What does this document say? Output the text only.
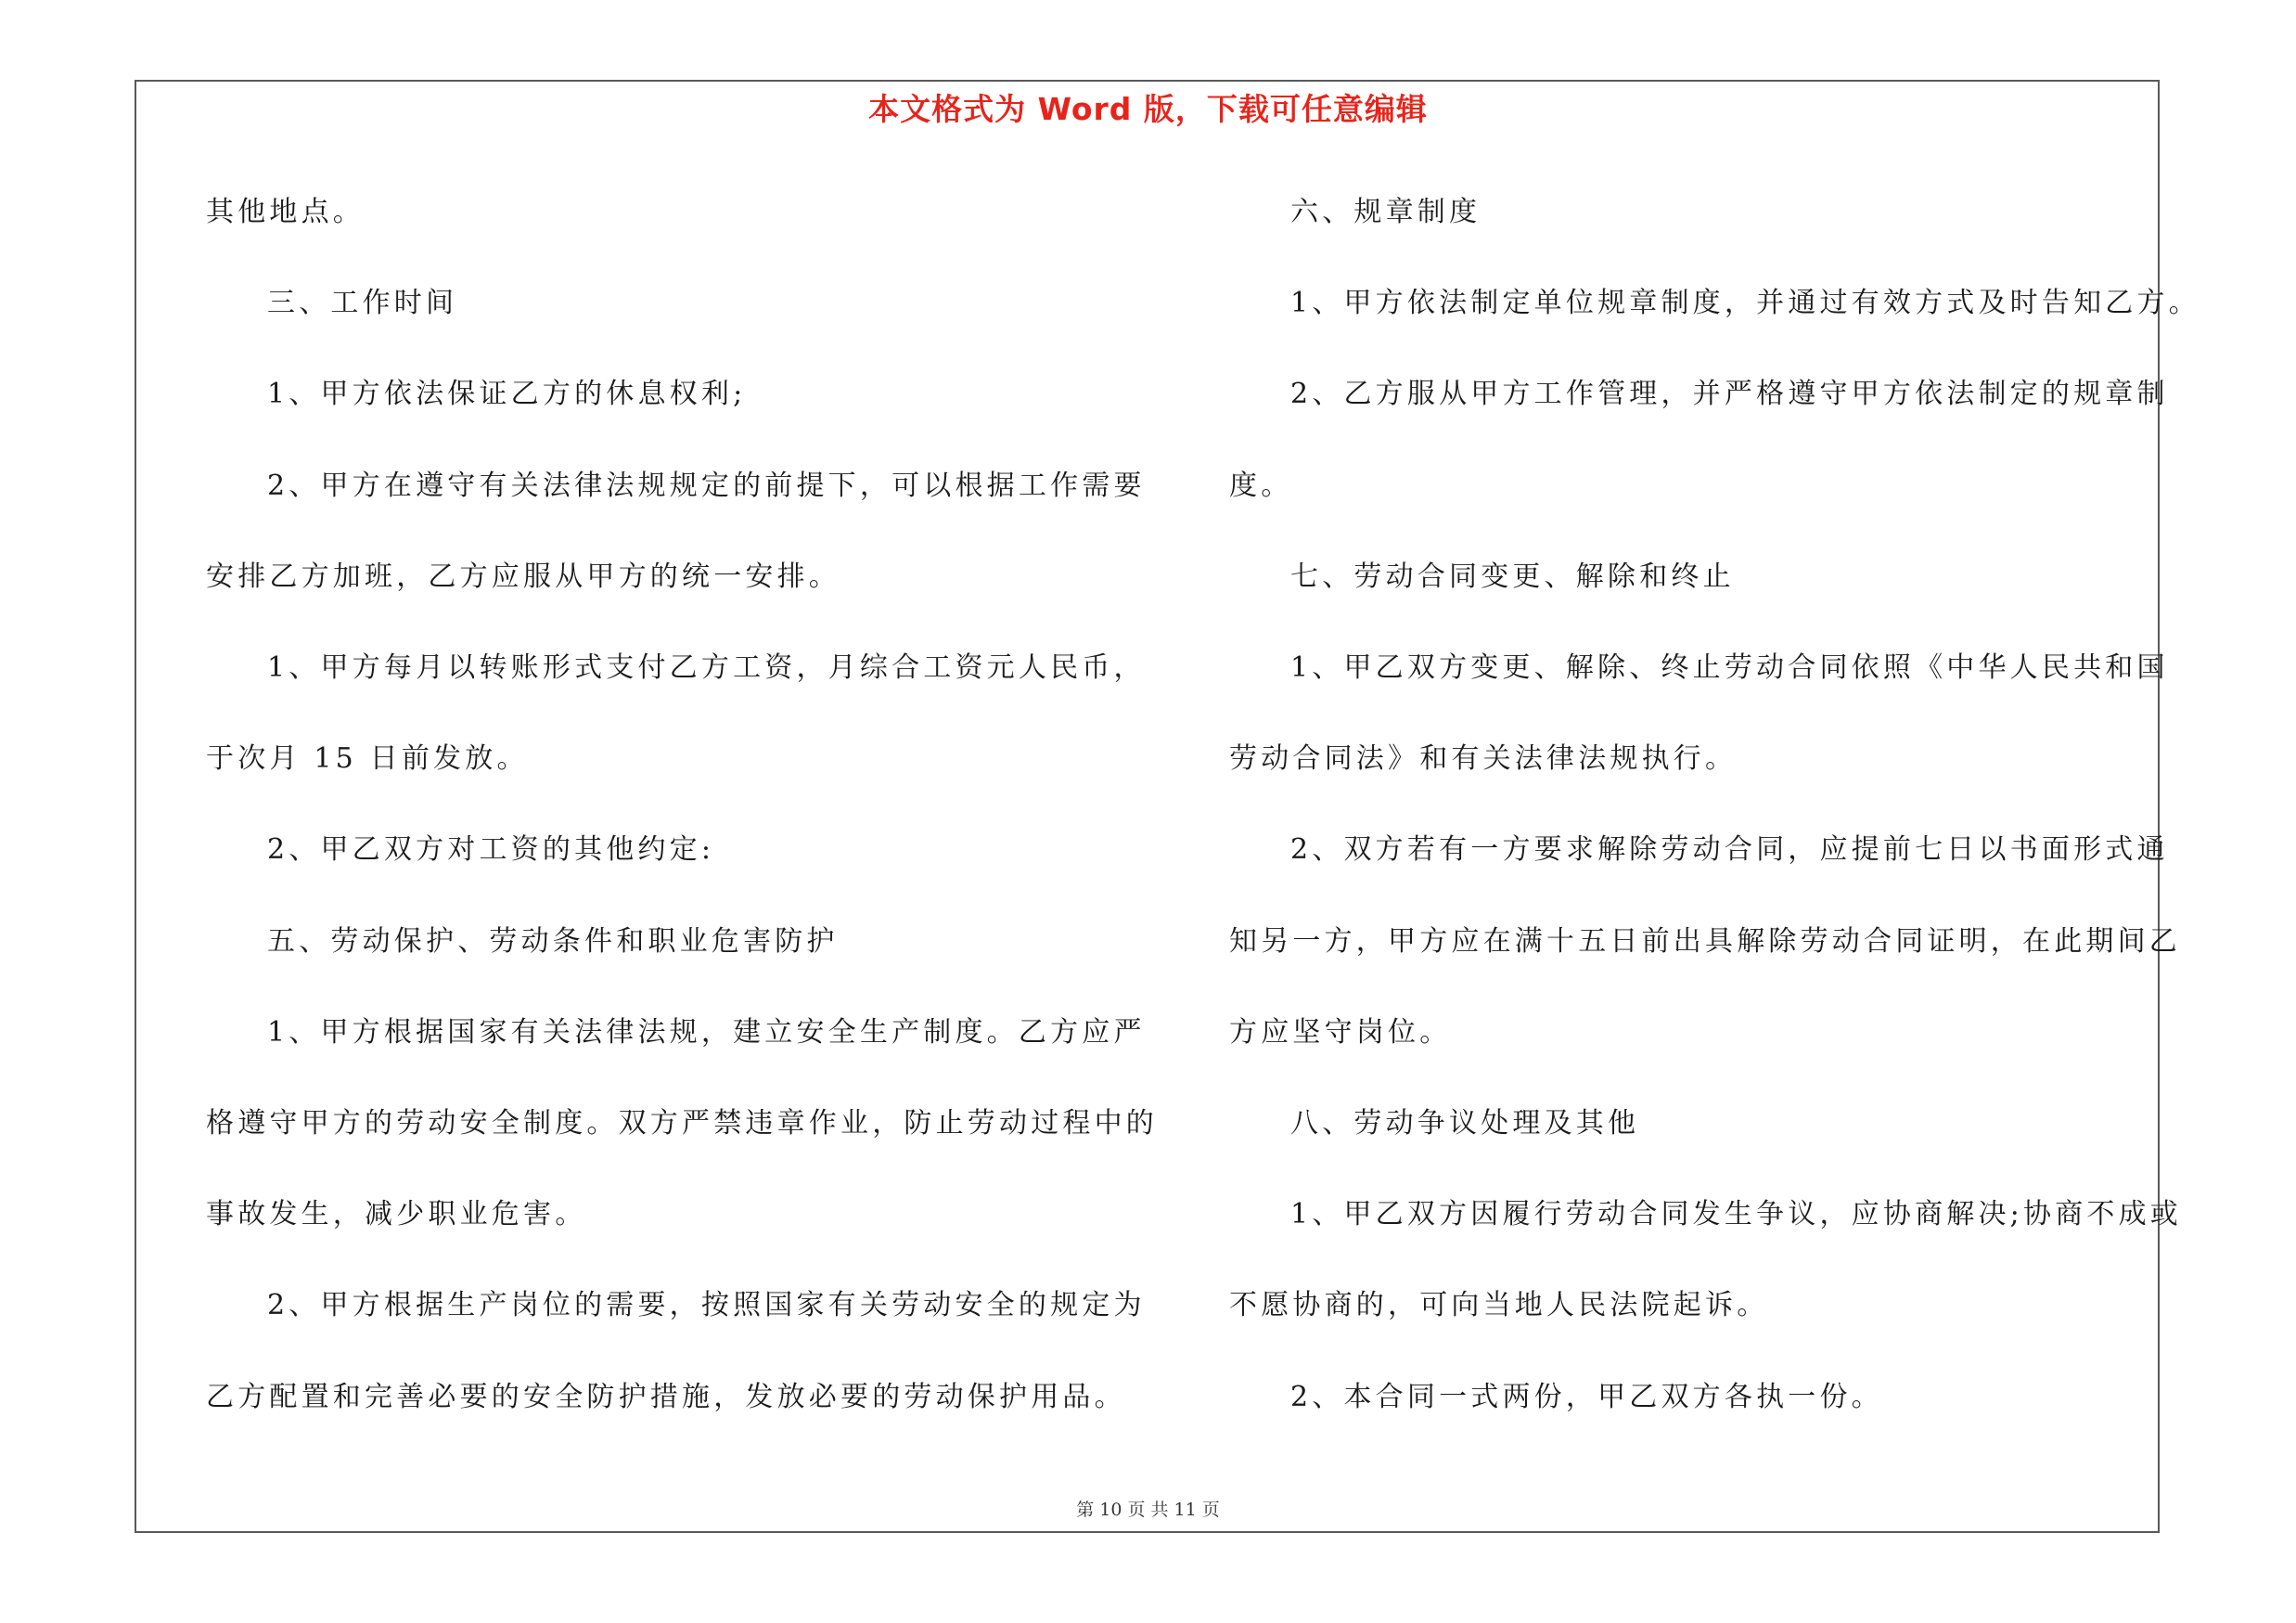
本文格式为 Word 版，下载可任意编辑

其他地点。

三、工作时间

1、甲方依法保证乙方的休息权利;

2、甲方在遵守有关法律法规规定的前提下，可以根据工作需要

安排乙方加班，乙方应服从甲方的统一安排。

1、甲方每月以转账形式支付乙方工资，月综合工资元人民币，

于次月 15 日前发放。

2、甲乙双方对工资的其他约定:

五、劳动保护、劳动条件和职业危害防护

1、甲方根据国家有关法律法规，建立安全生产制度。乙方应严

格遵守甲方的劳动安全制度。双方严禁违章作业，防止劳动过程中的

事故发生，减少职业危害。

2、甲方根据生产岗位的需要，按照国家有关劳动安全的规定为

乙方配置和完善必要的安全防护措施，发放必要的劳动保护用品。

六、规章制度

1、甲方依法制定单位规章制度，并通过有效方式及时告知乙方。

2、乙方服从甲方工作管理，并严格遵守甲方依法制定的规章制

度。

七、劳动合同变更、解除和终止

1、甲乙双方变更、解除、终止劳动合同依照《中华人民共和国

劳动合同法》和有关法律法规执行。

2、双方若有一方要求解除劳动合同，应提前七日以书面形式通

知另一方，甲方应在满十五日前出具解除劳动合同证明，在此期间乙

方应坚守岗位。

八、劳动争议处理及其他

1、甲乙双方因履行劳动合同发生争议，应协商解决;协商不成或

不愿协商的，可向当地人民法院起诉。

2、本合同一式两份，甲乙双方各执一份。

第 10 页 共 11 页
